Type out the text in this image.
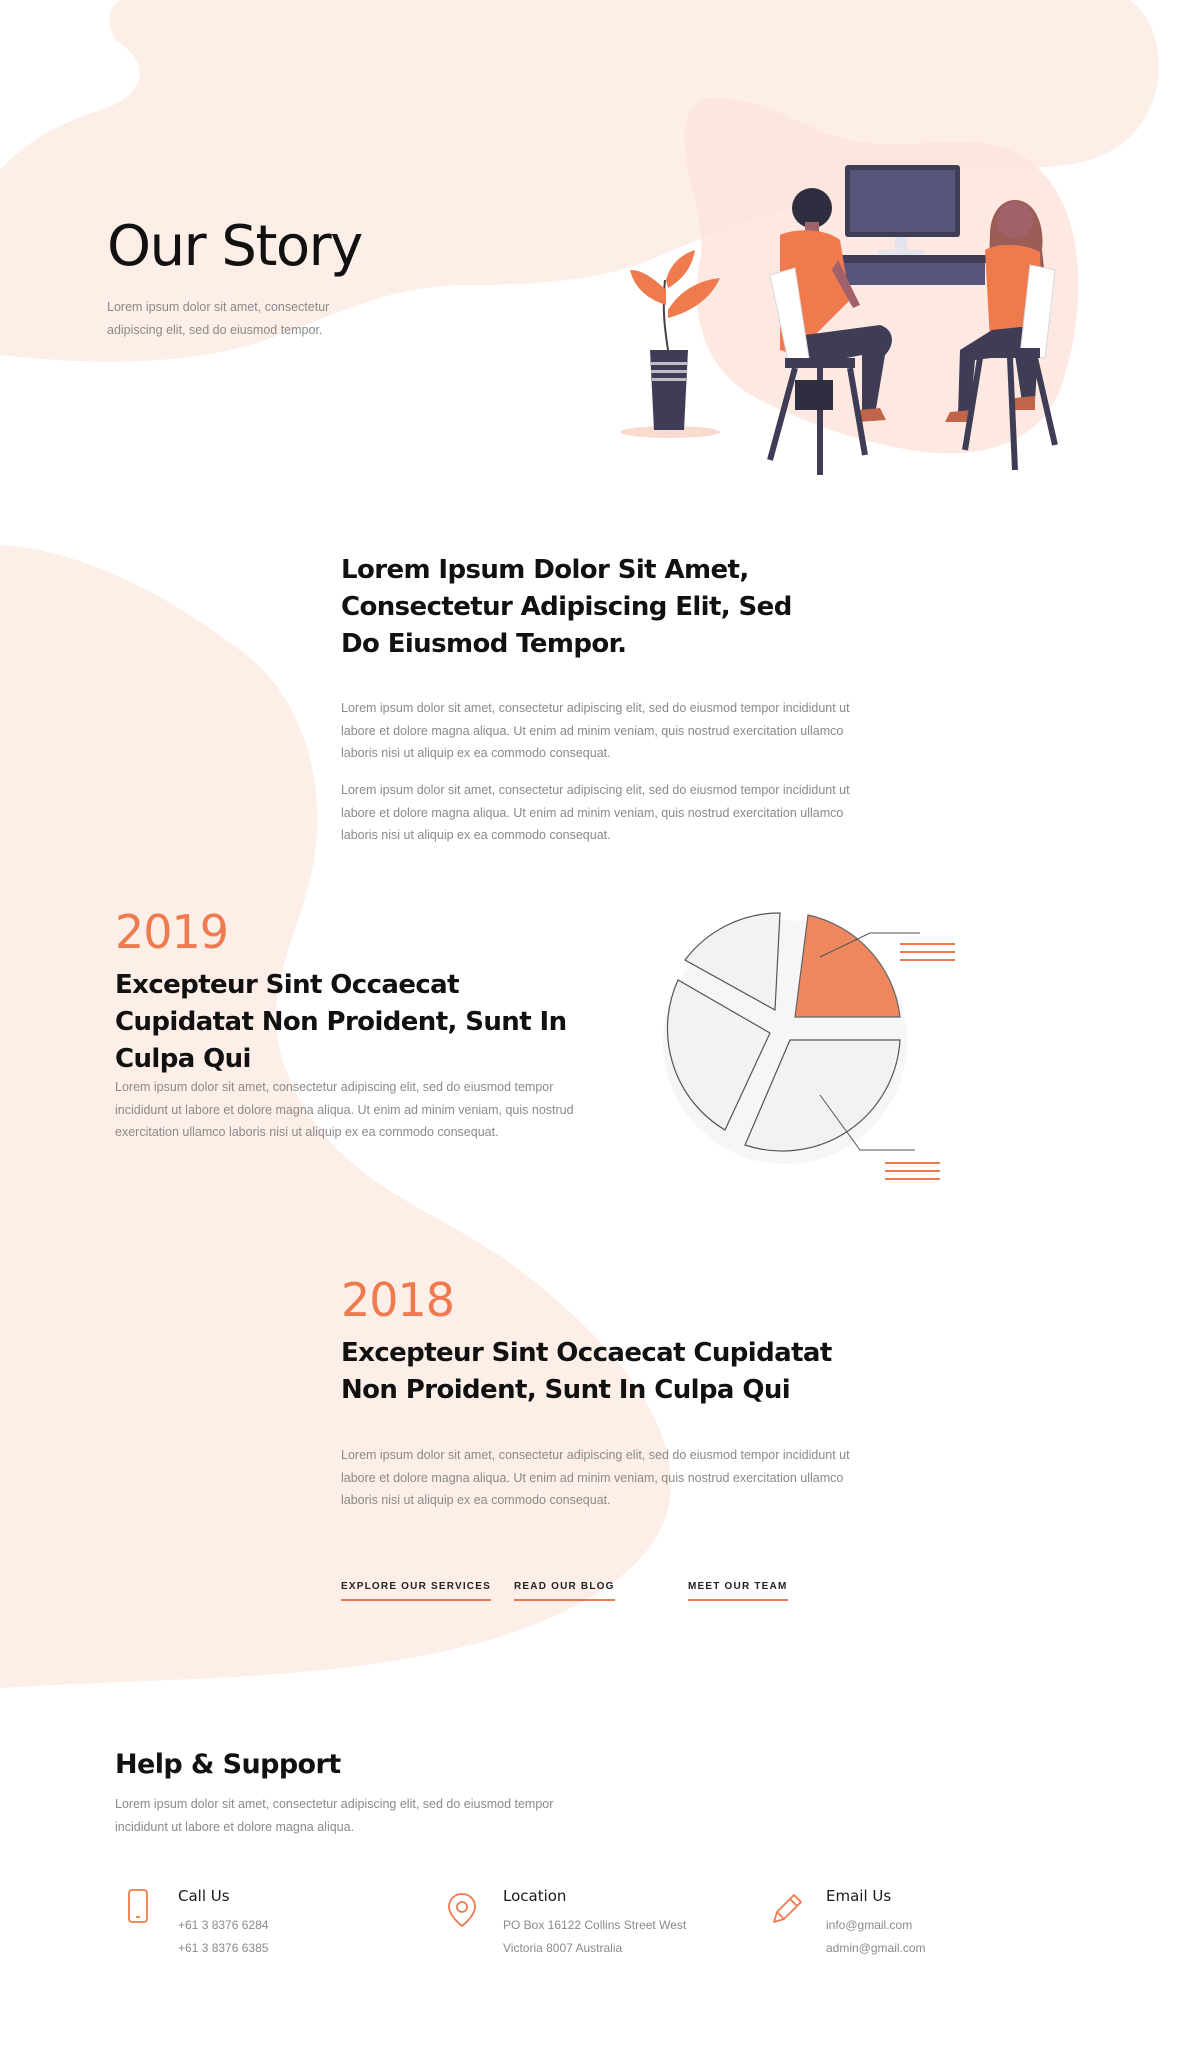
Our Story

Lorem ipsum dolor sit amet, consectetur adipiscing elit, sed do eiusmod tempor.

Lorem Ipsum Dolor Sit Amet, Consectetur Adipiscing Elit, Sed Do Eiusmod Tempor.

Lorem ipsum dolor sit amet, consectetur adipiscing elit, sed do eiusmod tempor incididunt ut labore et dolore magna aliqua. Ut enim ad minim veniam, quis nostrud exercitation ullamco laboris nisi ut aliquip ex ea commodo consequat.

Lorem ipsum dolor sit amet, consectetur adipiscing elit, sed do eiusmod tempor incididunt ut labore et dolore magna aliqua. Ut enim ad minim veniam, quis nostrud exercitation ullamco laboris nisi ut aliquip ex ea commodo consequat.

2019
Excepteur Sint Occaecat Cupidatat Non Proident, Sunt In Culpa Qui

Lorem ipsum dolor sit amet, consectetur adipiscing elit, sed do eiusmod tempor incididunt ut labore et dolore magna aliqua. Ut enim ad minim veniam, quis nostrud exercitation ullamco laboris nisi ut aliquip ex ea commodo consequat.

2018
Excepteur Sint Occaecat Cupidatat Non Proident, Sunt In Culpa Qui

Lorem ipsum dolor sit amet, consectetur adipiscing elit, sed do eiusmod tempor incididunt ut labore et dolore magna aliqua. Ut enim ad minim veniam, quis nostrud exercitation ullamco laboris nisi ut aliquip ex ea commodo consequat.

EXPLORE OUR SERVICES READ OUR BLOG	MEET OUR TEAM
Help & Support

Lorem ipsum dolor sit amet, consectetur adipiscing elit, sed do eiusmod tempor incididunt ut labore et dolore magna aliqua.

Call Us
+61 3 8376 6284
+61 3 8376 6385
Location
PO Box 16122 Collins Street West
Victoria 8007 Australia
Email Us
info@gmail.com
admin@gmail.com
